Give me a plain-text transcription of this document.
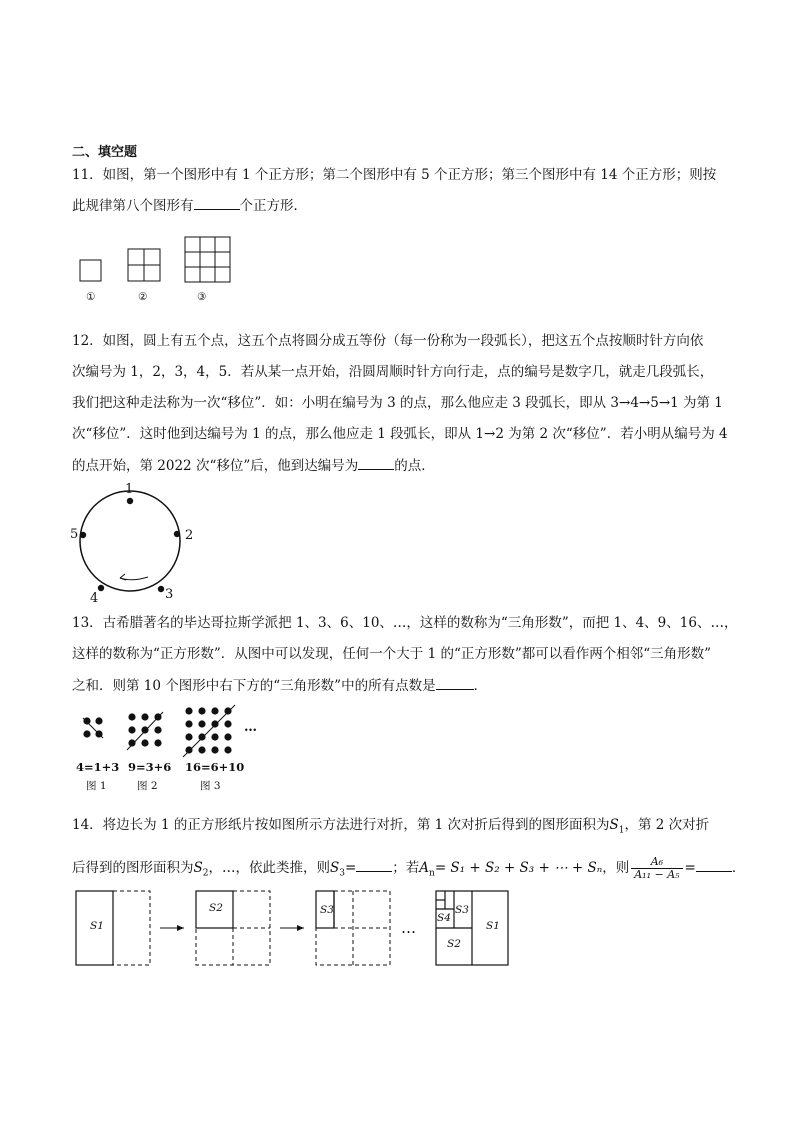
二、填空题
11．如图，第一个图形中有 1 个正方形；第二个图形中有 5 个正方形；第三个图形中有 14 个正方形；则按
此规律第八个图形有	个正方形．
①	②	③
12．如图，圆上有五个点，这五个点将圆分成五等份（每一份称为一段弧长），把这五个点按顺时针方向依
次编号为 1，2，3，4，5．若从某一点开始，沿圆周顺时针方向行走，点的编号是数字几，就走几段弧长，
我们把这种走法称为一次“移位”．如：小明在编号为 3 的点，那么他应走 3 段弧长，即从 3→4→5→1 为第 1
次“移位”．这时他到达编号为 1 的点，那么他应走 1 段弧长，即从 1→2 为第 2 次“移位”．若小明从编号为 4
的点开始，第 2022 次“移位”后，他到达编号为	的点．
1
2
3
4
5
13．古希腊著名的毕达哥拉斯学派把 1、3、6、10、…，这样的数称为“三角形数”，而把 1、4、9、16、…，
这样的数称为“正方形数”．从图中可以发现，任何一个大于 1 的“正方形数”都可以看作两个相邻“三角形数”
之和．则第 10 个图形中右下方的“三角形数”中的所有点数是	．
…
4=1+3 9=3+6 16=6+10
图 1	图 2	图 3
14．将边长为 1 的正方形纸片按如图所示方法进行对折，第 1 次对折后得到的图形面积为$S_1$，第 2 次对折
后得到的图形面积为$S_2$，…，依此类推，则$S_3=$	；若$A_n= S_1 + S_2 + S_3$ + ⋯ + Sₙ，则 $\frac{\text{A₆}}{\text{A₁₁ − A₅}}$ =	．
…
S1
S2	S3	S3
S4
S2
S1
